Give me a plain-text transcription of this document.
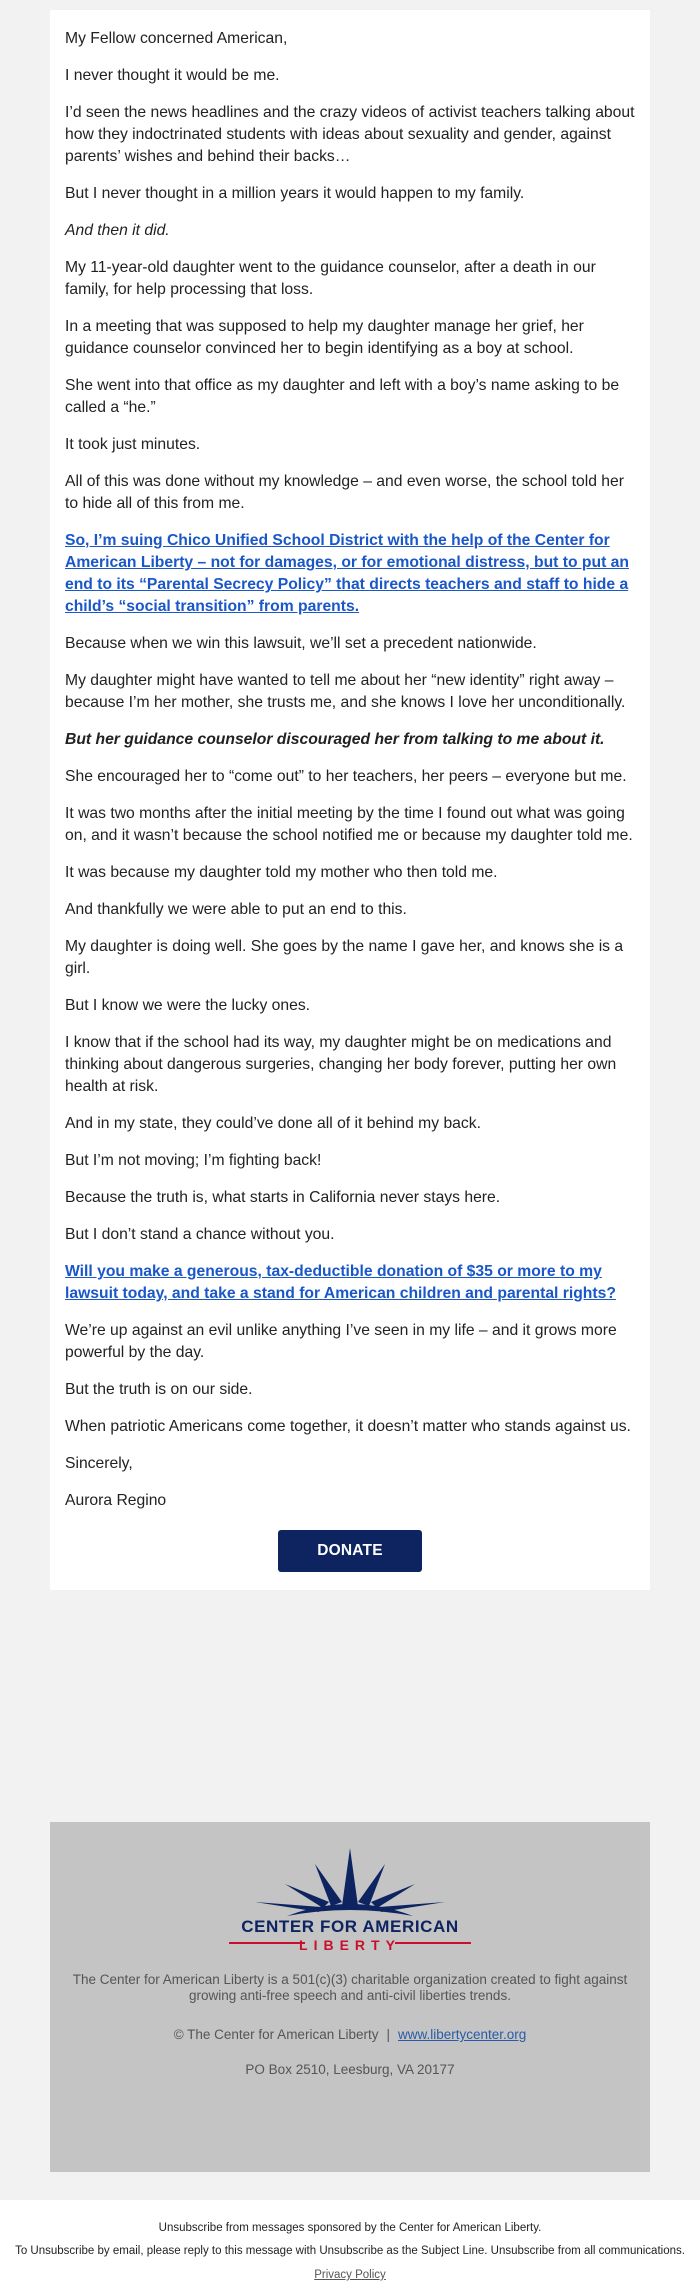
My Fellow concerned American,

I never thought it would be me.

I’d seen the news headlines and the crazy videos of activist teachers talking about how they indoctrinated students with ideas about sexuality and gender, against parents’ wishes and behind their backs…

But I never thought in a million years it would happen to my family.

And then it did.

My 11-year-old daughter went to the guidance counselor, after a death in our family, for help processing that loss.

In a meeting that was supposed to help my daughter manage her grief, her guidance counselor convinced her to begin identifying as a boy at school.

She went into that office as my daughter and left with a boy’s name asking to be called a “he.”

It took just minutes.

All of this was done without my knowledge – and even worse, the school told her to hide all of this from me.

So, I’m suing Chico Unified School District with the help of the Center for American Liberty – not for damages, or for emotional distress, but to put an end to its “Parental Secrecy Policy” that directs teachers and staff to hide a child’s “social transition” from parents.

Because when we win this lawsuit, we’ll set a precedent nationwide.

My daughter might have wanted to tell me about her “new identity” right away – because I’m her mother, she trusts me, and she knows I love her unconditionally.

But her guidance counselor discouraged her from talking to me about it.

She encouraged her to “come out” to her teachers, her peers – everyone but me.

It was two months after the initial meeting by the time I found out what was going on, and it wasn’t because the school notified me or because my daughter told me.

It was because my daughter told my mother who then told me.

And thankfully we were able to put an end to this.

My daughter is doing well. She goes by the name I gave her, and knows she is a girl.

But I know we were the lucky ones.

I know that if the school had its way, my daughter might be on medications and thinking about dangerous surgeries, changing her body forever, putting her own health at risk.

And in my state, they could’ve done all of it behind my back.

But I’m not moving; I’m fighting back!

Because the truth is, what starts in California never stays here.

But I don’t stand a chance without you.

Will you make a generous, tax-deductible donation of $35 or more to my lawsuit today, and take a stand for American children and parental rights?

We’re up against an evil unlike anything I’ve seen in my life – and it grows more powerful by the day.

But the truth is on our side.

When patriotic Americans come together, it doesn’t matter who stands against us.

Sincerely,

Aurora Regino

DONATE
CENTER FOR AMERICAN
LIBERTY
The Center for American Liberty is a 501(c)(3) charitable organization created to fight against growing anti-free speech and anti-civil liberties trends.
© The Center for American Liberty | www.libertycenter.org
PO Box 2510, Leesburg, VA 20177
Unsubscribe from messages sponsored by the Center for American Liberty.
To Unsubscribe by email, please reply to this message with Unsubscribe as the Subject Line. Unsubscribe from all communications.
Privacy Policy
